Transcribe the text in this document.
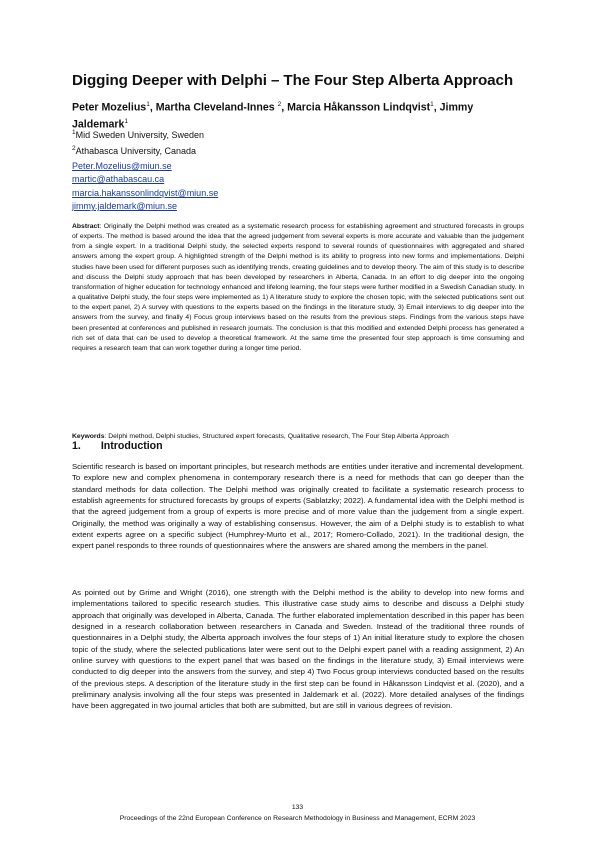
Digging Deeper with Delphi – The Four Step Alberta Approach
Peter Mozelius$^1$, Martha Cleveland-Innes $^2$, Marcia Håkansson Lindqvist$^1$, Jimmy Jaldemark$^1$
$^1$Mid Sweden University, Sweden
$^2$Athabasca University, Canada
Peter.Mozelius@miun.se
martic@athabascau.ca
marcia.hakanssonlindqvist@miun.se
jimmy.jaldemark@miun.se
Abstract: Originally the Delphi method was created as a systematic research process for establishing agreement and structured forecasts in groups of experts. The method is based around the idea that the agreed judgement from several experts is more accurate and valuable than the judgement from a single expert. In a traditional Delphi study, the selected experts respond to several rounds of questionnaires with aggregated and shared answers among the expert group. A highlighted strength of the Delphi method is its ability to progress into new forms and implementations. Delphi studies have been used for different purposes such as identifying trends, creating guidelines and to develop theory. The aim of this study is to describe and discuss the Delphi study approach that has been developed by researchers in Alberta, Canada. In an effort to dig deeper into the ongoing transformation of higher education for technology enhanced and lifelong learning, the four steps were further modified in a Swedish Canadian study. In a qualitative Delphi study, the four steps were implemented as 1) A literature study to explore the chosen topic, with the selected publications sent out to the expert panel, 2) A survey with questions to the experts based on the findings in the literature study, 3) Email interviews to dig deeper into the answers from the survey, and finally 4) Focus group interviews based on the results from the previous steps. Findings from the various steps have been presented at conferences and published in research journals. The conclusion is that this modified and extended Delphi process has generated a rich set of data that can be used to develop a theoretical framework. At the same time the presented four step approach is time consuming and requires a research team that can work together during a longer time period.
Keywords: Delphi method, Delphi studies, Structured expert forecasts, Qualitative research, The Four Step Alberta Approach
1. Introduction
Scientific research is based on important principles, but research methods are entities under iterative and incremental development. To explore new and complex phenomena in contemporary research there is a need for methods that can go deeper than the standard methods for data collection. The Delphi method was originally created to facilitate a systematic research process to establish agreements for structured forecasts by groups of experts (Sablatzky; 2022). A fundamental idea with the Delphi method is that the agreed judgement from a group of experts is more precise and of more value than the judgement from a single expert. Originally, the method was originally a way of establishing consensus. However, the aim of a Delphi study is to establish to what extent experts agree on a specific subject (Humphrey-Murto et al., 2017; Romero-Collado, 2021). In the traditional design, the expert panel responds to three rounds of questionnaires where the answers are shared among the members in the panel.
As pointed out by Grime and Wright (2016), one strength with the Delphi method is the ability to develop into new forms and implementations tailored to specific research studies. This illustrative case study aims to describe and discuss a Delphi study approach that originally was developed in Alberta, Canada. The further elaborated implementation described in this paper has been designed in a research collaboration between researchers in Canada and Sweden. Instead of the traditional three rounds of questionnaires in a Delphi study, the Alberta approach involves the four steps of 1) An initial literature study to explore the chosen topic of the study, where the selected publications later were sent out to the Delphi expert panel with a reading assignment, 2) An online survey with questions to the expert panel that was based on the findings in the literature study, 3) Email interviews were conducted to dig deeper into the answers from the survey, and step 4) Two Focus group interviews conducted based on the results of the previous steps. A description of the literature study in the first step can be found in Håkansson Lindqvist et al. (2020), and a preliminary analysis involving all the four steps was presented in Jaldemark et al. (2022). More detailed analyses of the findings have been aggregated in two journal articles that both are submitted, but are still in various degrees of revision.
133
Proceedings of the 22nd European Conference on Research Methodology in Business and Management, ECRM 2023
